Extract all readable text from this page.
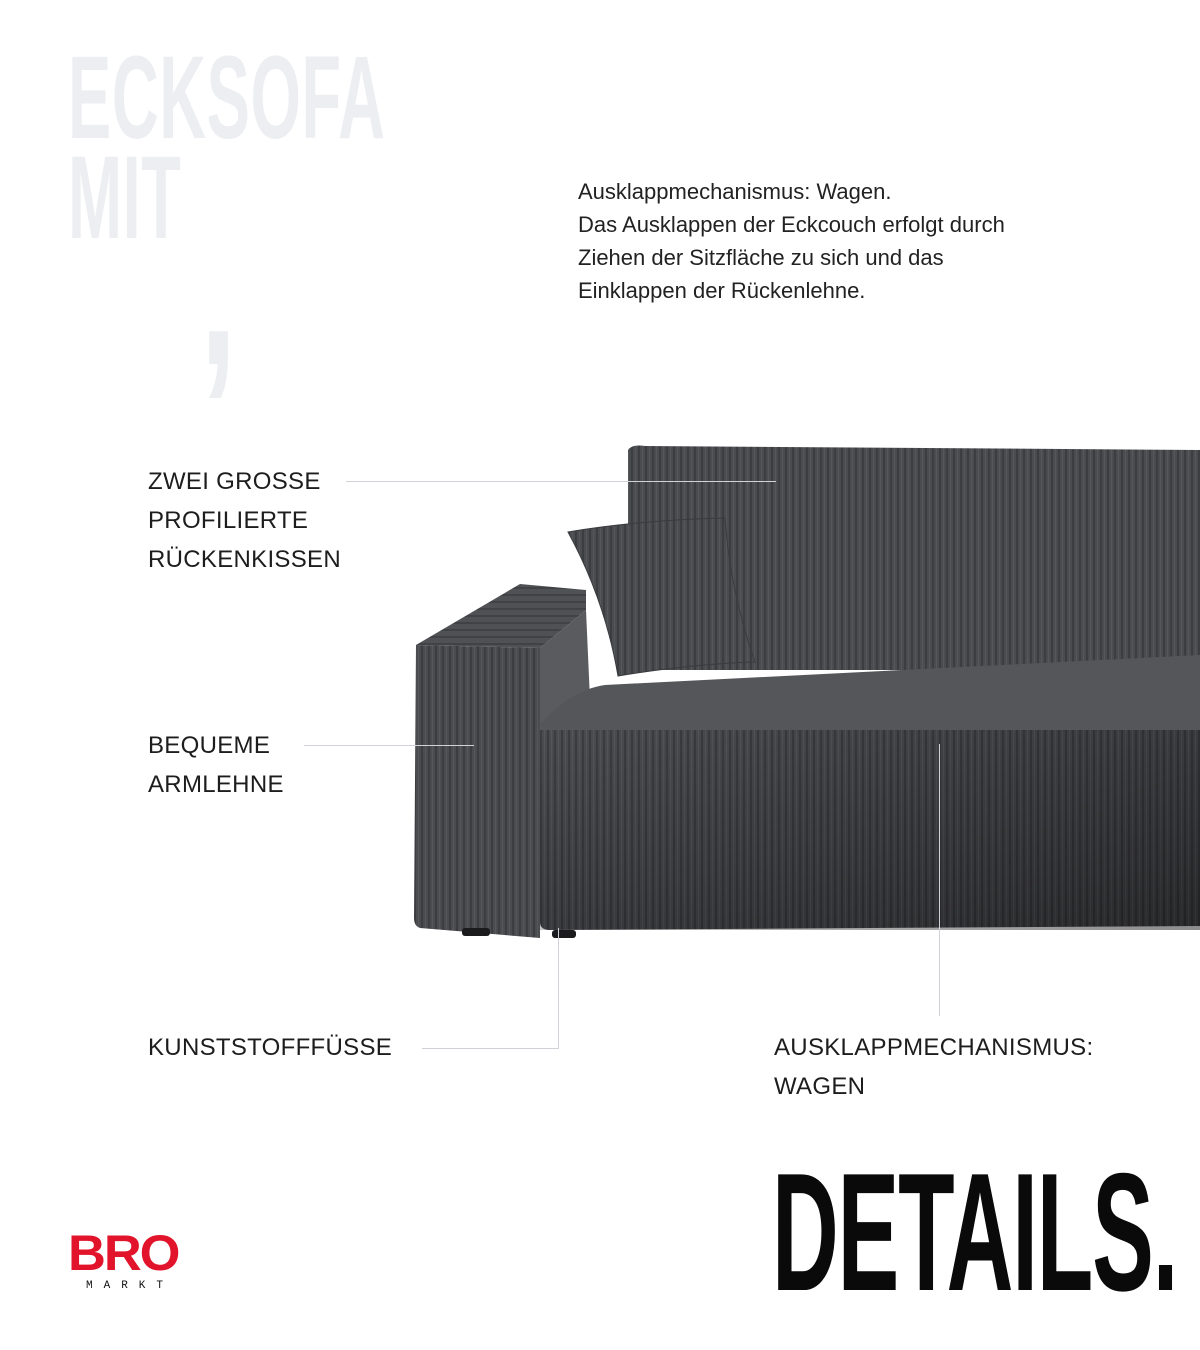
ECKSOFA
MIT ,	Ausklappmechanismus: Wagen.
Das Ausklappen der Eckcouch erfolgt durch
Ziehen der Sitzfläche zu sich und das
Einklappen der Rückenlehne.
ZWEI GROSSE
PROFILIERTE
RÜCKENKISSEN
BEQUEME
ARMLEHNE
KUNSTSTOFFFÜSSE	AUSKLAPPMECHANISMUS:
WAGEN
DETAILS.
BRO
MARKT
